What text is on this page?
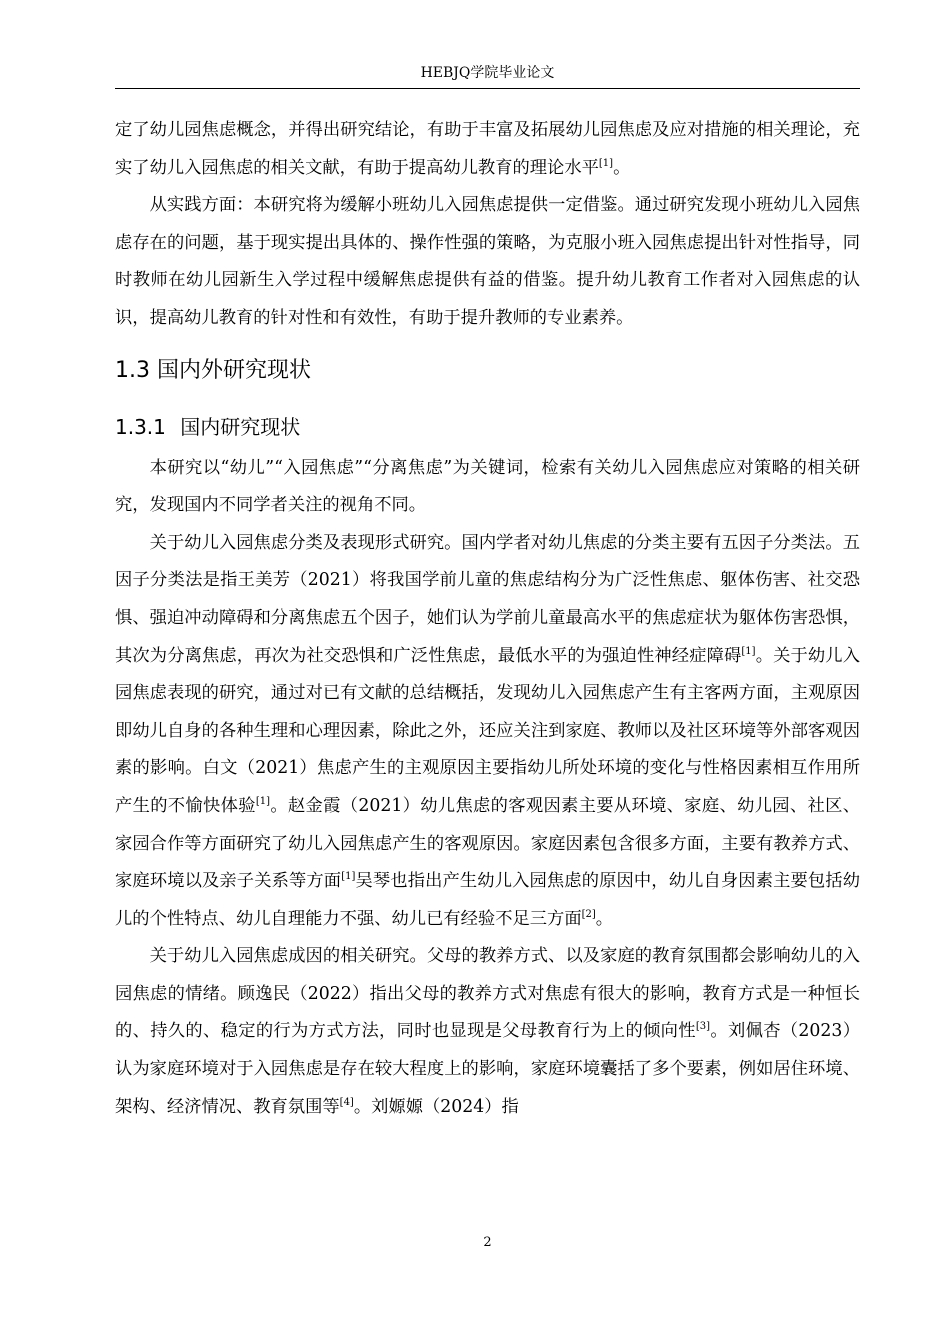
HEBJQ学院毕业论文

定了幼儿园焦虑概念，并得出研究结论，有助于丰富及拓展幼儿园焦虑及应对措施的相关理论，充实了幼儿入园焦虑的相关文献，有助于提高幼儿教育的理论水平[1]。

从实践方面：本研究将为缓解小班幼儿入园焦虑提供一定借鉴。通过研究发现小班幼儿入园焦虑存在的问题，基于现实提出具体的、操作性强的策略，为克服小班入园焦虑提出针对性指导，同时教师在幼儿园新生入学过程中缓解焦虑提供有益的借鉴。提升幼儿教育工作者对入园焦虑的认识，提高幼儿教育的针对性和有效性，有助于提升教师的专业素养。

1.3 国内外研究现状
1.3.1 国内研究现状

本研究以“幼儿”“入园焦虑”“分离焦虑”为关键词，检索有关幼儿入园焦虑应对策略的相关研究，发现国内不同学者关注的视角不同。

关于幼儿入园焦虑分类及表现形式研究。国内学者对幼儿焦虑的分类主要有五因子分类法。五因子分类法是指王美芳（2021）将我国学前儿童的焦虑结构分为广泛性焦虑、躯体伤害、社交恐惧、强迫冲动障碍和分离焦虑五个因子，她们认为学前儿童最高水平的焦虑症状为躯体伤害恐惧，其次为分离焦虑，再次为社交恐惧和广泛性焦虑，最低水平的为强迫性神经症障碍[1]。关于幼儿入园焦虑表现的研究，通过对已有文献的总结概括，发现幼儿入园焦虑产生有主客两方面，主观原因即幼儿自身的各种生理和心理因素，除此之外，还应关注到家庭、教师以及社区环境等外部客观因素的影响。白文（2021）焦虑产生的主观原因主要指幼儿所处环境的变化与性格因素相互作用所产生的不愉快体验[1]。赵金霞（2021）幼儿焦虑的客观因素主要从环境、家庭、幼儿园、社区、家园合作等方面研究了幼儿入园焦虑产生的客观原因。家庭因素包含很多方面，主要有教养方式、家庭环境以及亲子关系等方面[1]吴琴也指出产生幼儿入园焦虑的原因中，幼儿自身因素主要包括幼儿的个性特点、幼儿自理能力不强、幼儿已有经验不足三方面[2]。

关于幼儿入园焦虑成因的相关研究。父母的教养方式、以及家庭的教育氛围都会影响幼儿的入园焦虑的情绪。顾逸民（2022）指出父母的教养方式对焦虑有很大的影响，教育方式是一种恒长的、持久的、稳定的行为方式方法，同时也显现是父母教育行为上的倾向性[3]。刘佩杏（2023）认为家庭环境对于入园焦虑是存在较大程度上的影响，家庭环境囊括了多个要素，例如居住环境、架构、经济情况、教育氛围等[4]。刘嫄嫄（2024）指

2
